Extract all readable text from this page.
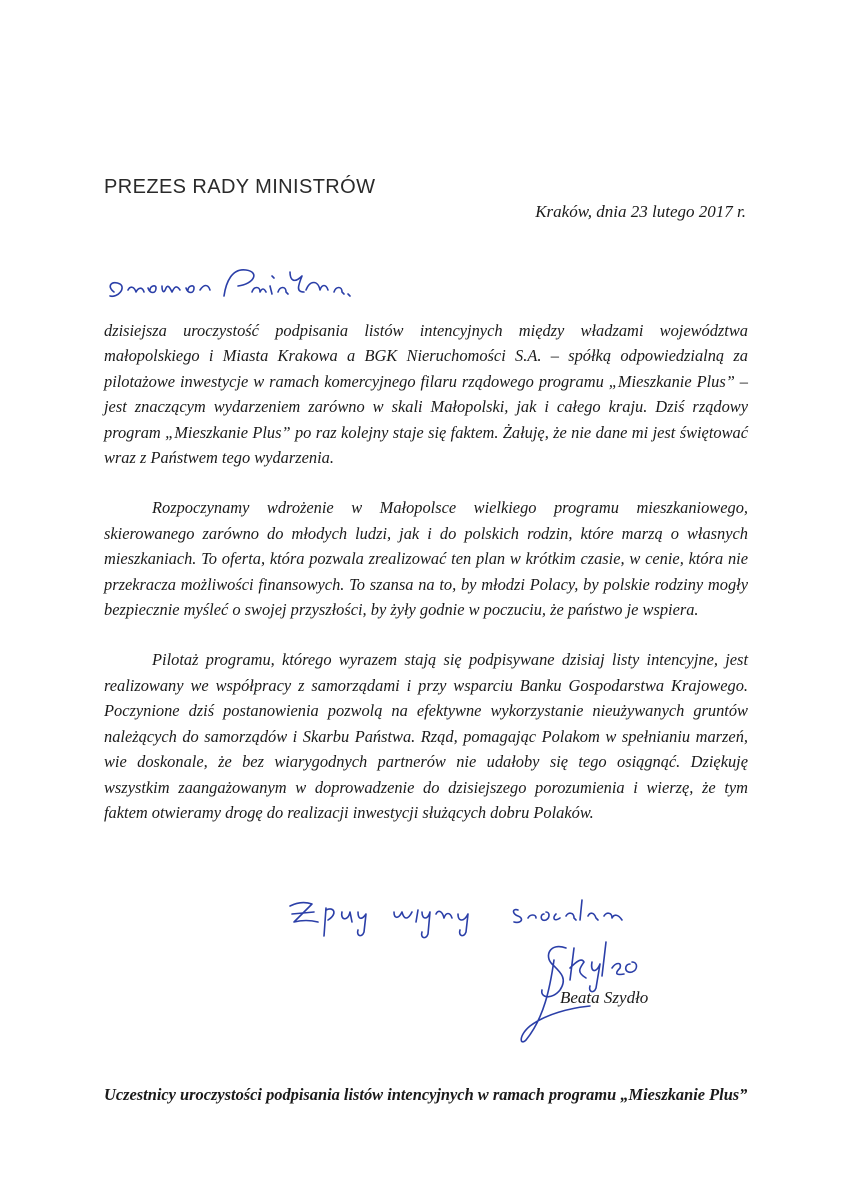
PREZES RADY MINISTRÓW
Kraków, dnia 23 lutego 2017 r.

dzisiejsza uroczystość podpisania listów intencyjnych między władzami województwa małopolskiego i Miasta Krakowa a BGK Nieruchomości S.A. – spółką odpowiedzialną za pilotażowe inwestycje w ramach komercyjnego filaru rządowego programu „Mieszkanie Plus” – jest znaczącym wydarzeniem zarówno w skali Małopolski, jak i całego kraju. Dziś rządowy program „Mieszkanie Plus” po raz kolejny staje się faktem. Żałuję, że nie dane mi jest świętować wraz z Państwem tego wydarzenia.

Rozpoczynamy wdrożenie w Małopolsce wielkiego programu mieszkaniowego, skierowanego zarówno do młodych ludzi, jak i do polskich rodzin, które marzą o własnych mieszkaniach. To oferta, która pozwala zrealizować ten plan w krótkim czasie, w cenie, która nie przekracza możliwości finansowych. To szansa na to, by młodzi Polacy, by polskie rodziny mogły bezpiecznie myśleć o swojej przyszłości, by żyły godnie w poczuciu, że państwo je wspiera.

Pilotaż programu, którego wyrazem stają się podpisywane dzisiaj listy intencyjne, jest realizowany we współpracy z samorządami i przy wsparciu Banku Gospodarstwa Krajowego. Poczynione dziś postanowienia pozwolą na efektywne wykorzystanie nieużywanych gruntów należących do samorządów i Skarbu Państwa. Rząd, pomagając Polakom w spełnianiu marzeń, wie doskonale, że bez wiarygodnych partnerów nie udałoby się tego osiągnąć. Dziękuję wszystkim zaangażowanym w doprowadzenie do dzisiejszego porozumienia i wierzę, że tym faktem otwieramy drogę do realizacji inwestycji służących dobru Polaków.

Beata Szydło
Uczestnicy uroczystości podpisania listów intencyjnych w ramach programu „Mieszkanie Plus”
